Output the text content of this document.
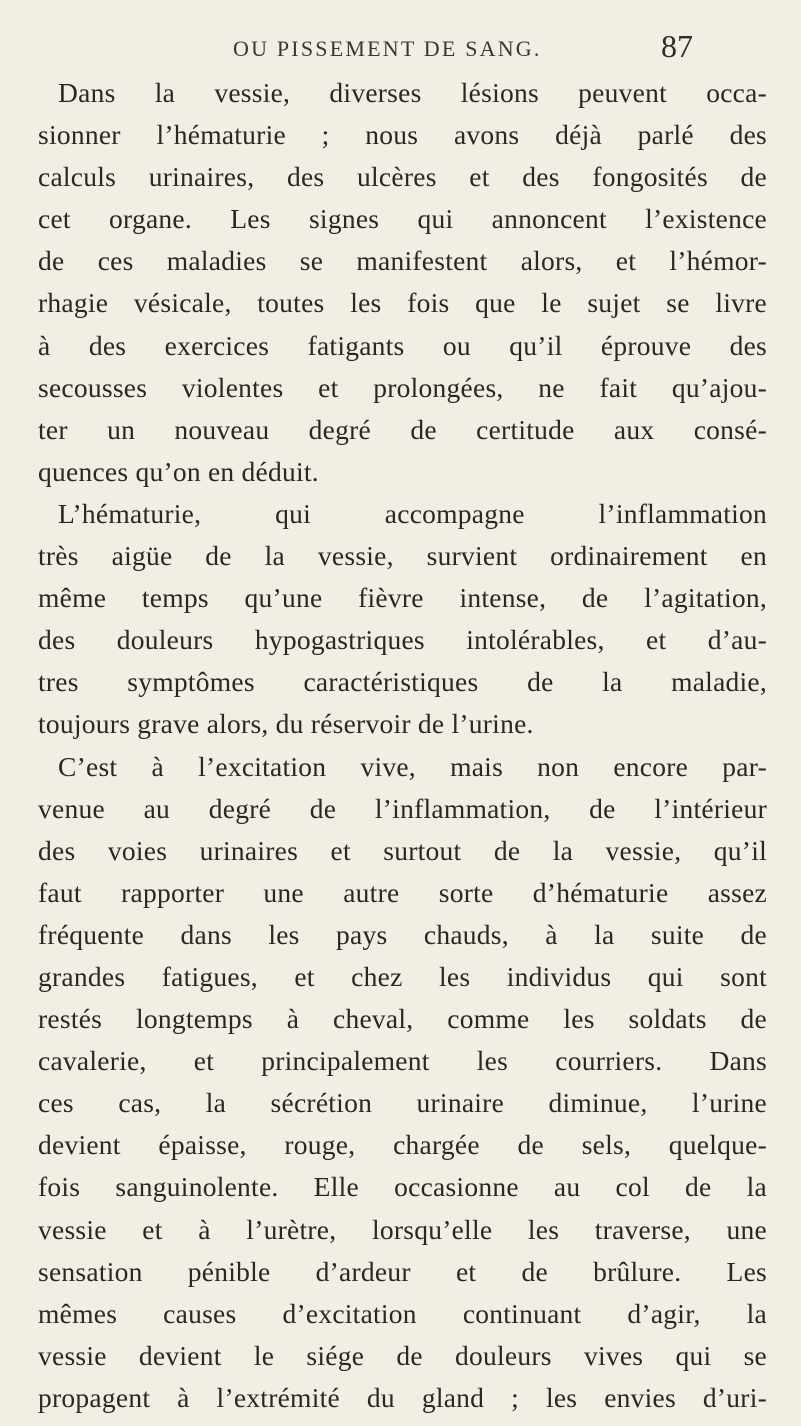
OU PISSEMENT DE SANG.	87
Dans la vessie, diverses lésions peuvent occa-
sionner l’hématurie ; nous avons déjà parlé des
calculs urinaires, des ulcères et des fongosités de
cet organe. Les signes qui annoncent l’existence
de ces maladies se manifestent alors, et l’hémor-
rhagie vésicale, toutes les fois que le sujet se livre
à des exercices fatigants ou qu’il éprouve des
secousses violentes et prolongées, ne fait qu’ajou-
ter un nouveau degré de certitude aux consé-
quences qu’on en déduit.
L’hématurie, qui accompagne l’inflammation
très aigüe de la vessie, survient ordinairement en
même temps qu’une fièvre intense, de l’agitation,
des douleurs hypogastriques intolérables, et d’au-
tres symptômes caractéristiques de la maladie,
toujours grave alors, du réservoir de l’urine.
C’est à l’excitation vive, mais non encore par-
venue au degré de l’inflammation, de l’intérieur
des voies urinaires et surtout de la vessie, qu’il
faut rapporter une autre sorte d’hématurie assez
fréquente dans les pays chauds, à la suite de
grandes fatigues, et chez les individus qui sont
restés longtemps à cheval, comme les soldats de
cavalerie, et principalement les courriers. Dans
ces cas, la sécrétion urinaire diminue, l’urine
devient épaisse, rouge, chargée de sels, quelque-
fois sanguinolente. Elle occasionne au col de la
vessie et à l’urètre, lorsqu’elle les traverse, une
sensation pénible d’ardeur et de brûlure. Les
mêmes causes d’excitation continuant d’agir, la
vessie devient le siége de douleurs vives qui se
propagent à l’extrémité du gland ; les envies d’uri-
